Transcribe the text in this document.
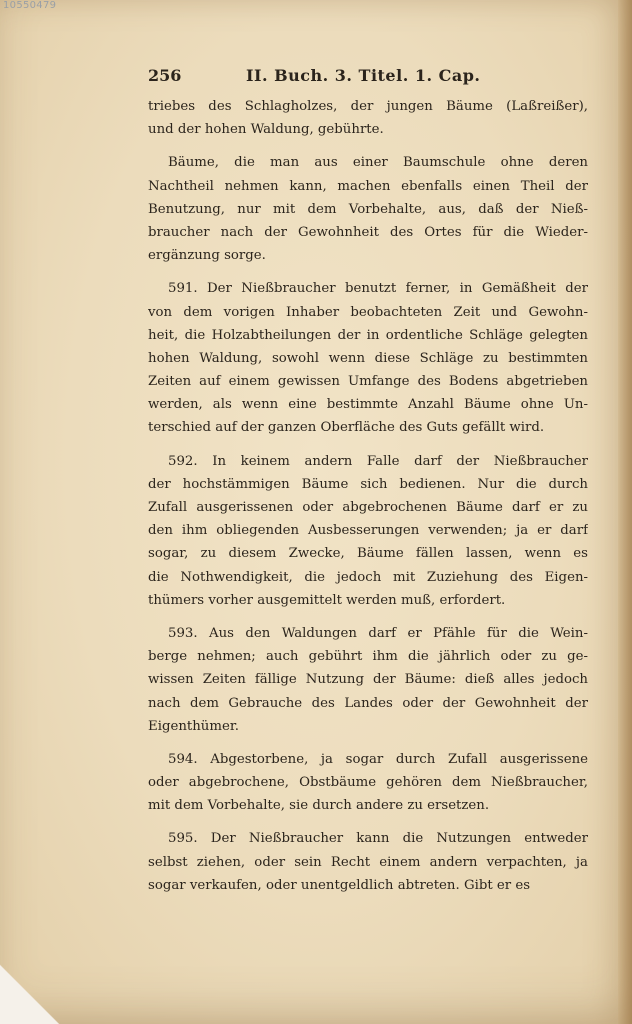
10550479
256	II. Buch. 3. Titel. 1. Cap.
triebes des Schlagholzes, der jungen Bäume (Laßreißer),
und der hohen Waldung, gebührte.
Bäume, die man aus einer Baumschule ohne deren
Nachtheil nehmen kann, machen ebenfalls einen Theil der
Benutzung, nur mit dem Vorbehalte, aus, daß der Nieß-
braucher nach der Gewohnheit des Ortes für die Wieder-
ergänzung sorge.
591. Der Nießbraucher benutzt ferner, in Gemäßheit der
von dem vorigen Inhaber beobachteten Zeit und Gewohn-
heit, die Holzabtheilungen der in ordentliche Schläge gelegten
hohen Waldung, sowohl wenn diese Schläge zu bestimmten
Zeiten auf einem gewissen Umfange des Bodens abgetrieben
werden, als wenn eine bestimmte Anzahl Bäume ohne Un-
terschied auf der ganzen Oberfläche des Guts gefällt wird.
592. In keinem andern Falle darf der Nießbraucher
der hochstämmigen Bäume sich bedienen. Nur die durch
Zufall ausgerissenen oder abgebrochenen Bäume darf er zu
den ihm obliegenden Ausbesserungen verwenden; ja er darf
sogar, zu diesem Zwecke, Bäume fällen lassen, wenn es
die Nothwendigkeit, die jedoch mit Zuziehung des Eigen-
thümers vorher ausgemittelt werden muß, erfordert.
593. Aus den Waldungen darf er Pfähle für die Wein-
berge nehmen; auch gebührt ihm die jährlich oder zu ge-
wissen Zeiten fällige Nutzung der Bäume: dieß alles jedoch
nach dem Gebrauche des Landes oder der Gewohnheit der
Eigenthümer.
594. Abgestorbene, ja sogar durch Zufall ausgerissene
oder abgebrochene, Obstbäume gehören dem Nießbraucher,
mit dem Vorbehalte, sie durch andere zu ersetzen.
595. Der Nießbraucher kann die Nutzungen entweder
selbst ziehen, oder sein Recht einem andern verpachten, ja
sogar verkaufen, oder unentgeldlich abtreten. Gibt er es
